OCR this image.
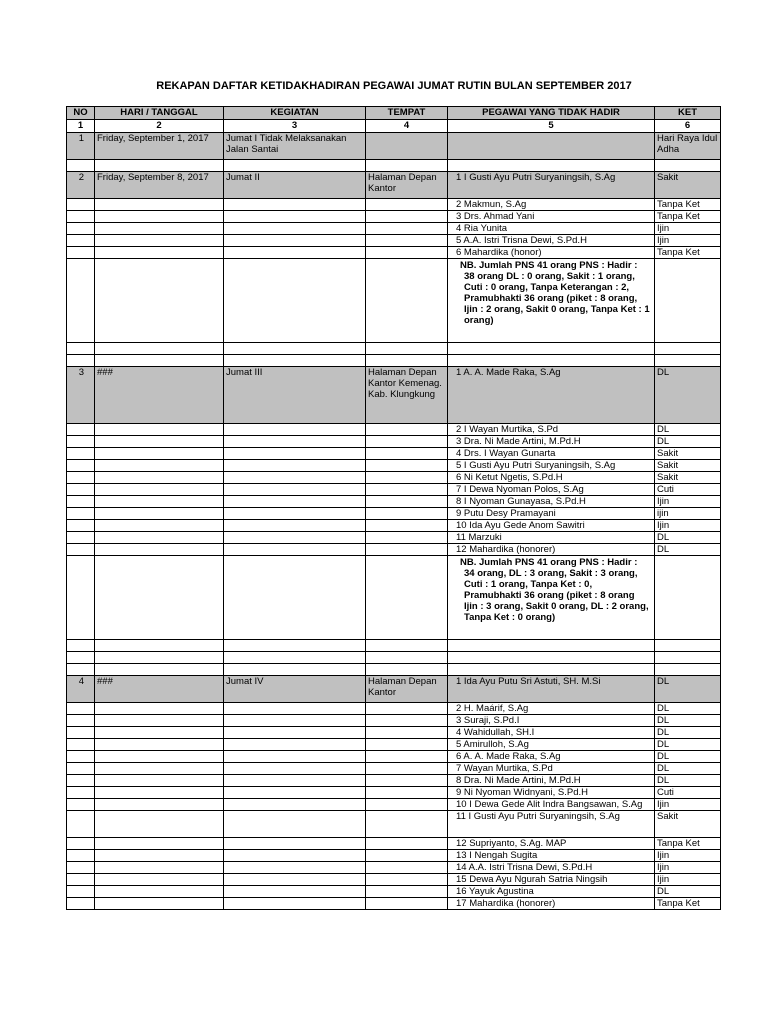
REKAPAN DAFTAR KETIDAKHADIRAN PEGAWAI JUMAT RUTIN BULAN SEPTEMBER 2017
NO	HARI / TANGGAL	KEGIATAN	TEMPAT	PEGAWAI YANG TIDAK HADIR	KET
1	2	3	4	5	6
1	Friday, September 1, 2017	Jumat I Tidak Melaksanakan Jalan Santai			Hari Raya Idul Adha

2	Friday, September 8, 2017	Jumat II	Halaman Depan Kantor	1 I Gusti Ayu Putri Suryaningsih, S.Ag	Sakit
				2 Makmun, S.Ag	Tanpa Ket
				3 Drs. Ahmad Yani	Tanpa Ket
				4 Ria Yunita	Ijin
				5 A.A. Istri Trisna Dewi, S.Pd.H	Ijin
				6 Mahardika (honor)	Tanpa Ket
				NB. Jumlah PNS 41 orang PNS : Hadir : 38 orang DL : 0 orang, Sakit : 1 orang, Cuti : 0 orang, Tanpa Keterangan : 2, Pramubhakti 36 orang (piket : 8 orang, Ijin : 2 orang, Sakit 0 orang, Tanpa Ket : 1 orang)	

3	###	Jumat III	Halaman Depan Kantor Kemenag. Kab. Klungkung	1 A. A. Made Raka, S.Ag	DL
				2 I Wayan Murtika, S.Pd	DL
				3 Dra. Ni Made Artini, M.Pd.H	DL
				4 Drs. I Wayan Gunarta	Sakit
				5 I Gusti Ayu Putri Suryaningsih, S.Ag	Sakit
				6 Ni Ketut Ngetis, S.Pd.H	Sakit
				7 I Dewa Nyoman Polos, S.Ag	Cuti
				8 I Nyoman Gunayasa, S.Pd.H	Ijin
				9 Putu Desy Pramayani	ijin
				10 Ida Ayu Gede Anom Sawitri	Ijin
				11 Marzuki	DL
				12 Mahardika (honorer)	DL
				NB. Jumlah PNS 41 orang PNS : Hadir : 34 orang, DL : 3 orang, Sakit : 3 orang, Cuti : 1 orang, Tanpa Ket : 0, Pramubhakti 36 orang (piket : 8 orang Ijin : 3 orang, Sakit 0 orang, DL : 2 orang, Tanpa Ket : 0 orang)	

4	###	Jumat IV	Halaman Depan Kantor	1 Ida Ayu Putu Sri Astuti, SH. M.Si	DL
				2 H. Maárif, S.Ag	DL
				3 Suraji, S.Pd.I	DL
				4 Wahidullah, SH.I	DL
				5 Amirulloh, S.Ag	DL
				6 A. A. Made Raka, S.Ag	DL
				7 Wayan Murtika, S.Pd	DL
				8 Dra. Ni Made Artini, M.Pd.H	DL
				9 Ni Nyoman Widnyani, S.Pd.H	Cuti
				10 I Dewa Gede Alit Indra Bangsawan, S.Ag	Ijin
				11 I Gusti Ayu Putri Suryaningsih, S.Ag	Sakit
				12 Supriyanto, S.Ag. MAP	Tanpa Ket
				13 I Nengah Sugita	Ijin
				14 A.A. Istri Trisna Dewi, S.Pd.H	Ijin
				15 Dewa Ayu Ngurah Satria Ningsih	Ijin
				16 Yayuk Agustina	DL
				17 Mahardika (honorer)	Tanpa Ket
